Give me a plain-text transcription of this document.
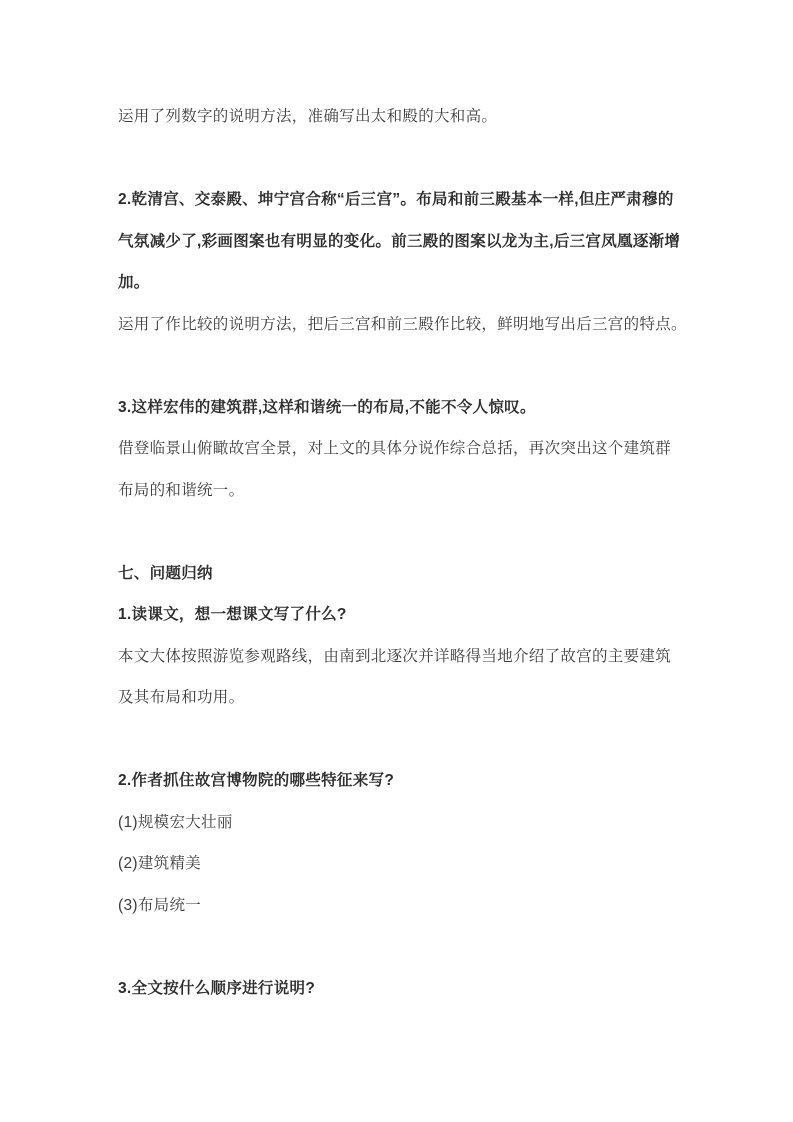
运用了列数字的说明方法，准确写出太和殿的大和高。

2.乾清宫、交泰殿、坤宁宫合称“后三宫”。布局和前三殿基本一样,但庄严肃穆的

气氛减少了,彩画图案也有明显的变化。前三殿的图案以龙为主,后三宫凤凰逐渐增

加。

运用了作比较的说明方法，把后三宫和前三殿作比较，鲜明地写出后三宫的特点。

3.这样宏伟的建筑群,这样和谐统一的布局,不能不令人惊叹。

借登临景山俯瞰故宫全景，对上文的具体分说作综合总括，再次突出这个建筑群

布局的和谐统一。

七、问题归纳

1.读课文，想一想课文写了什么?

本文大体按照游览参观路线，由南到北逐次并详略得当地介绍了故宫的主要建筑

及其布局和功用。

2.作者抓住故宫博物院的哪些特征来写?

(1)规模宏大壮丽

(2)建筑精美

(3)布局统一

3.全文按什么顺序进行说明?
